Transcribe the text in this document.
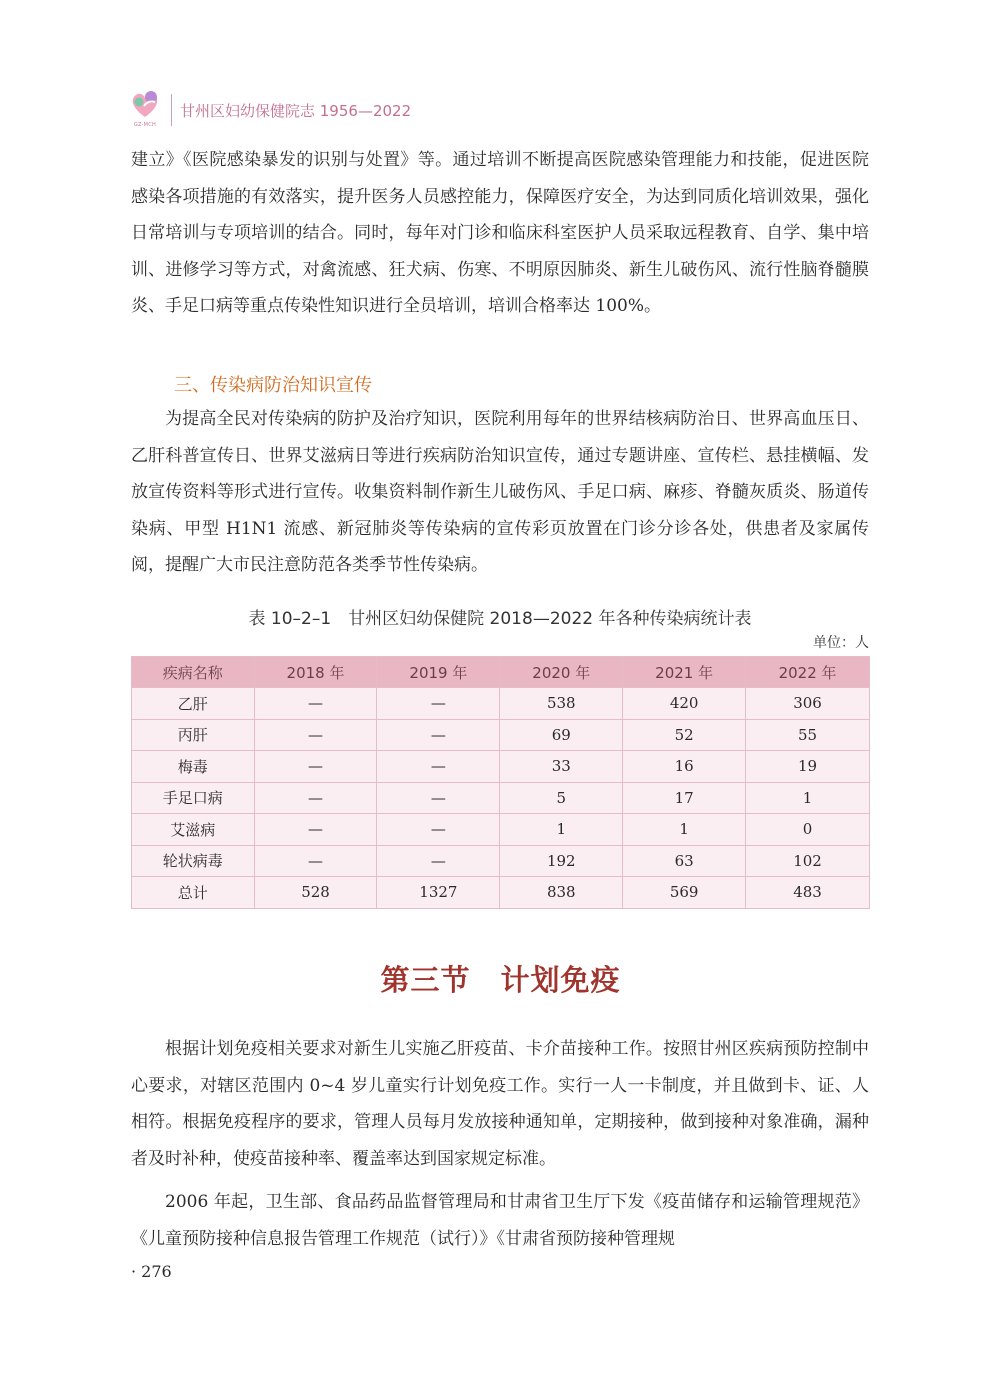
GZ·MCH
甘州区妇幼保健院志 1956—2022

建立》《医院感染暴发的识别与处置》等。通过培训不断提高医院感染管理能力和技能，促进医院感染各项措施的有效落实，提升医务人员感控能力，保障医疗安全，为达到同质化培训效果，强化日常培训与专项培训的结合。同时，每年对门诊和临床科室医护人员采取远程教育、自学、集中培训、进修学习等方式，对禽流感、狂犬病、伤寒、不明原因肺炎、新生儿破伤风、流行性脑脊髓膜炎、手足口病等重点传染性知识进行全员培训，培训合格率达 100%。

三、传染病防治知识宣传

为提高全民对传染病的防护及治疗知识，医院利用每年的世界结核病防治日、世界高血压日、乙肝科普宣传日、世界艾滋病日等进行疾病防治知识宣传，通过专题讲座、宣传栏、悬挂横幅、发放宣传资料等形式进行宣传。收集资料制作新生儿破伤风、手足口病、麻疹、脊髓灰质炎、肠道传染病、甲型 H1N1 流感、新冠肺炎等传染病的宣传彩页放置在门诊分诊各处，供患者及家属传阅，提醒广大市民注意防范各类季节性传染病。

表 10–2–1　甘州区妇幼保健院 2018—2022 年各种传染病统计表
单位：人
疾病名称	2018 年	2019 年	2020 年	2021 年	2022 年
乙肝	—	—	538	420	306
丙肝	—	—	69	52	55
梅毒	—	—	33	16	19
手足口病	—	—	5	17	1
艾滋病	—	—	1	1	0
轮状病毒	—	—	192	63	102
总计	528	1327	838	569	483
第三节　计划免疫

根据计划免疫相关要求对新生儿实施乙肝疫苗、卡介苗接种工作。按照甘州区疾病预防控制中心要求，对辖区范围内 0~4 岁儿童实行计划免疫工作。实行一人一卡制度，并且做到卡、证、人相符。根据免疫程序的要求，管理人员每月发放接种通知单，定期接种，做到接种对象准确，漏种者及时补种，使疫苗接种率、覆盖率达到国家规定标准。

2006 年起，卫生部、食品药品监督管理局和甘肃省卫生厅下发《疫苗储存和运输管理规范》《儿童预防接种信息报告管理工作规范（试行）》《甘肃省预防接种管理规

· 276
